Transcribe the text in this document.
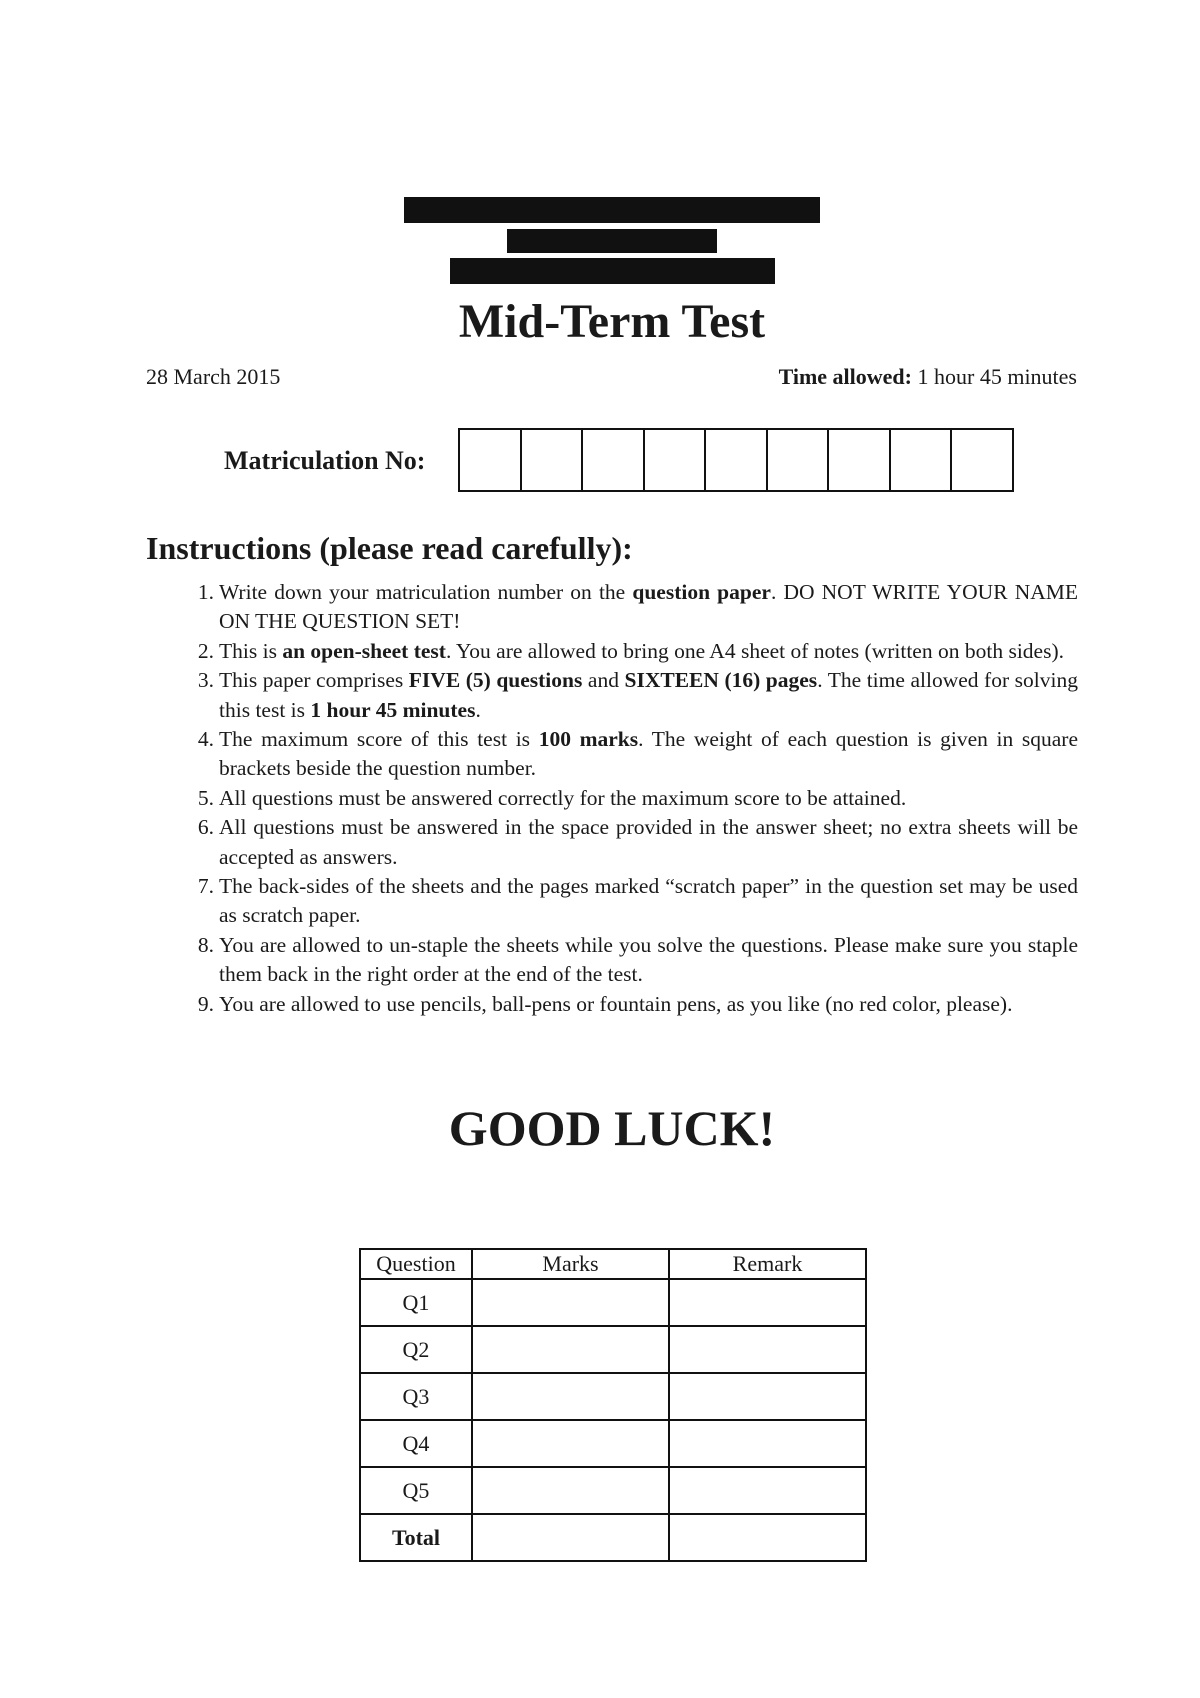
Mid-Term Test
28 March 2015	Time allowed: 1 hour 45 minutes
Matriculation No:
Instructions (please read carefully):
1. Write down your matriculation number on the question paper. DO NOT WRITE YOUR NAME ON THE QUESTION SET!
2. This is an open-sheet test. You are allowed to bring one A4 sheet of notes (written on both sides).
3. This paper comprises FIVE (5) questions and SIXTEEN (16) pages. The time allowed for solving this test is 1 hour 45 minutes.
4. The maximum score of this test is 100 marks. The weight of each question is given in square brackets beside the question number.
5. All questions must be answered correctly for the maximum score to be attained.
6. All questions must be answered in the space provided in the answer sheet; no extra sheets will be accepted as answers.
7. The back-sides of the sheets and the pages marked “scratch paper” in the question set may be used as scratch paper.
8. You are allowed to un-staple the sheets while you solve the questions. Please make sure you staple them back in the right order at the end of the test.
9. You are allowed to use pencils, ball-pens or fountain pens, as you like (no red color, please).
GOOD LUCK!
Question	Marks	Remark
Q1		
Q2		
Q3		
Q4		
Q5		
Total		
